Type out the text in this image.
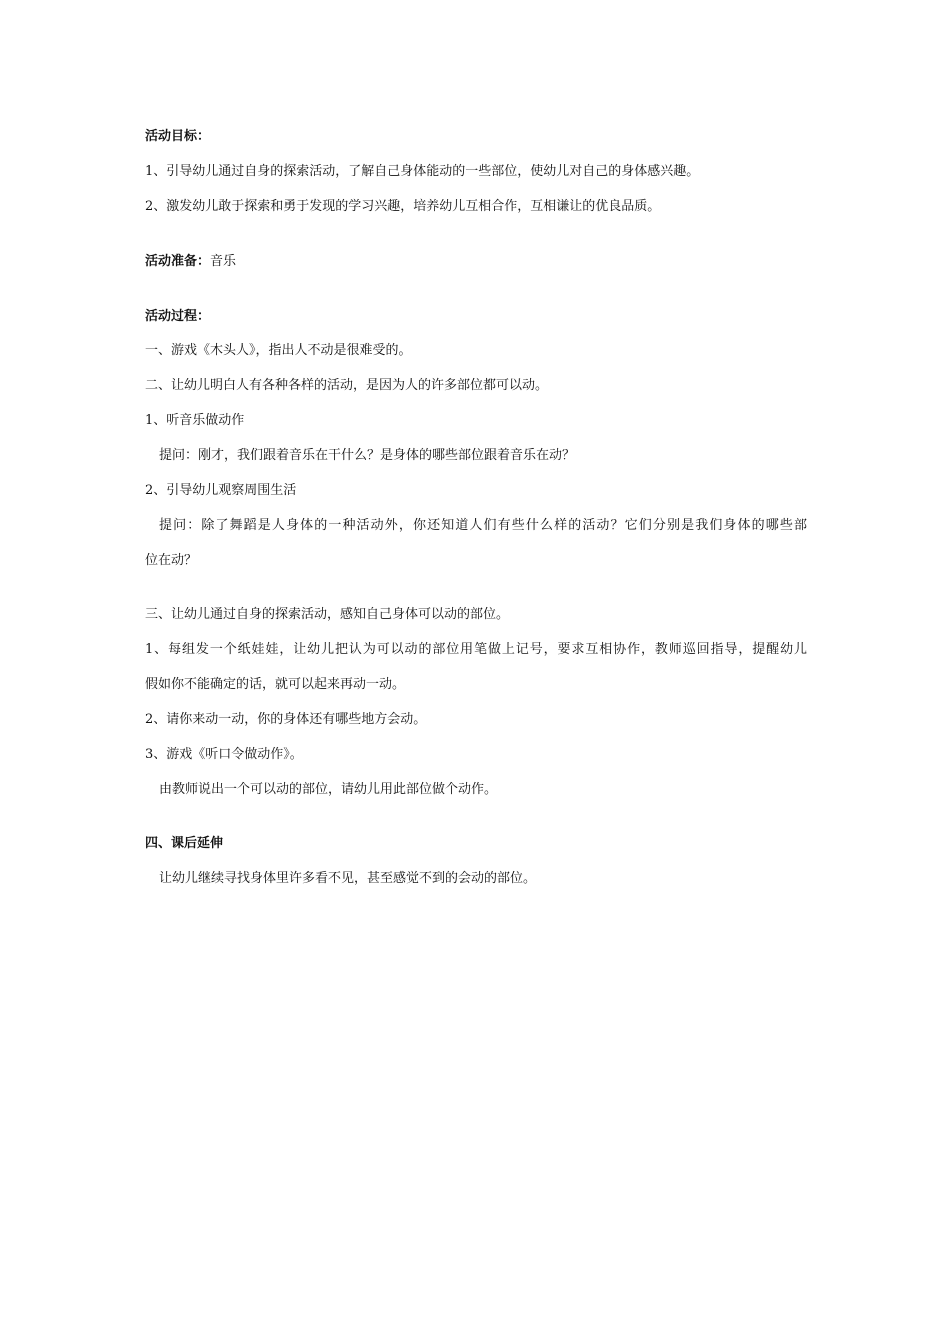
活动目标：
1、引导幼儿通过自身的探索活动，了解自己身体能动的一些部位，使幼儿对自己的身体感兴趣。
2、激发幼儿敢于探索和勇于发现的学习兴趣，培养幼儿互相合作，互相谦让的优良品质。
活动准备：音乐
活动过程：
一、游戏《木头人》，指出人不动是很难受的。
二、让幼儿明白人有各种各样的活动，是因为人的许多部位都可以动。
1、听音乐做动作
提问：刚才，我们跟着音乐在干什么？是身体的哪些部位跟着音乐在动？
2、引导幼儿观察周围生活
提问：除了舞蹈是人身体的一种活动外，你还知道人们有些什么样的活动？它们分别是我们身体的哪些部
位在动？
三、让幼儿通过自身的探索活动，感知自己身体可以动的部位。
1、每组发一个纸娃娃，让幼儿把认为可以动的部位用笔做上记号，要求互相协作，教师巡回指导，提醒幼儿
假如你不能确定的话，就可以起来再动一动。
2、请你来动一动，你的身体还有哪些地方会动。
3、游戏《听口令做动作》。
由教师说出一个可以动的部位，请幼儿用此部位做个动作。
四、课后延伸
让幼儿继续寻找身体里许多看不见，甚至感觉不到的会动的部位。
